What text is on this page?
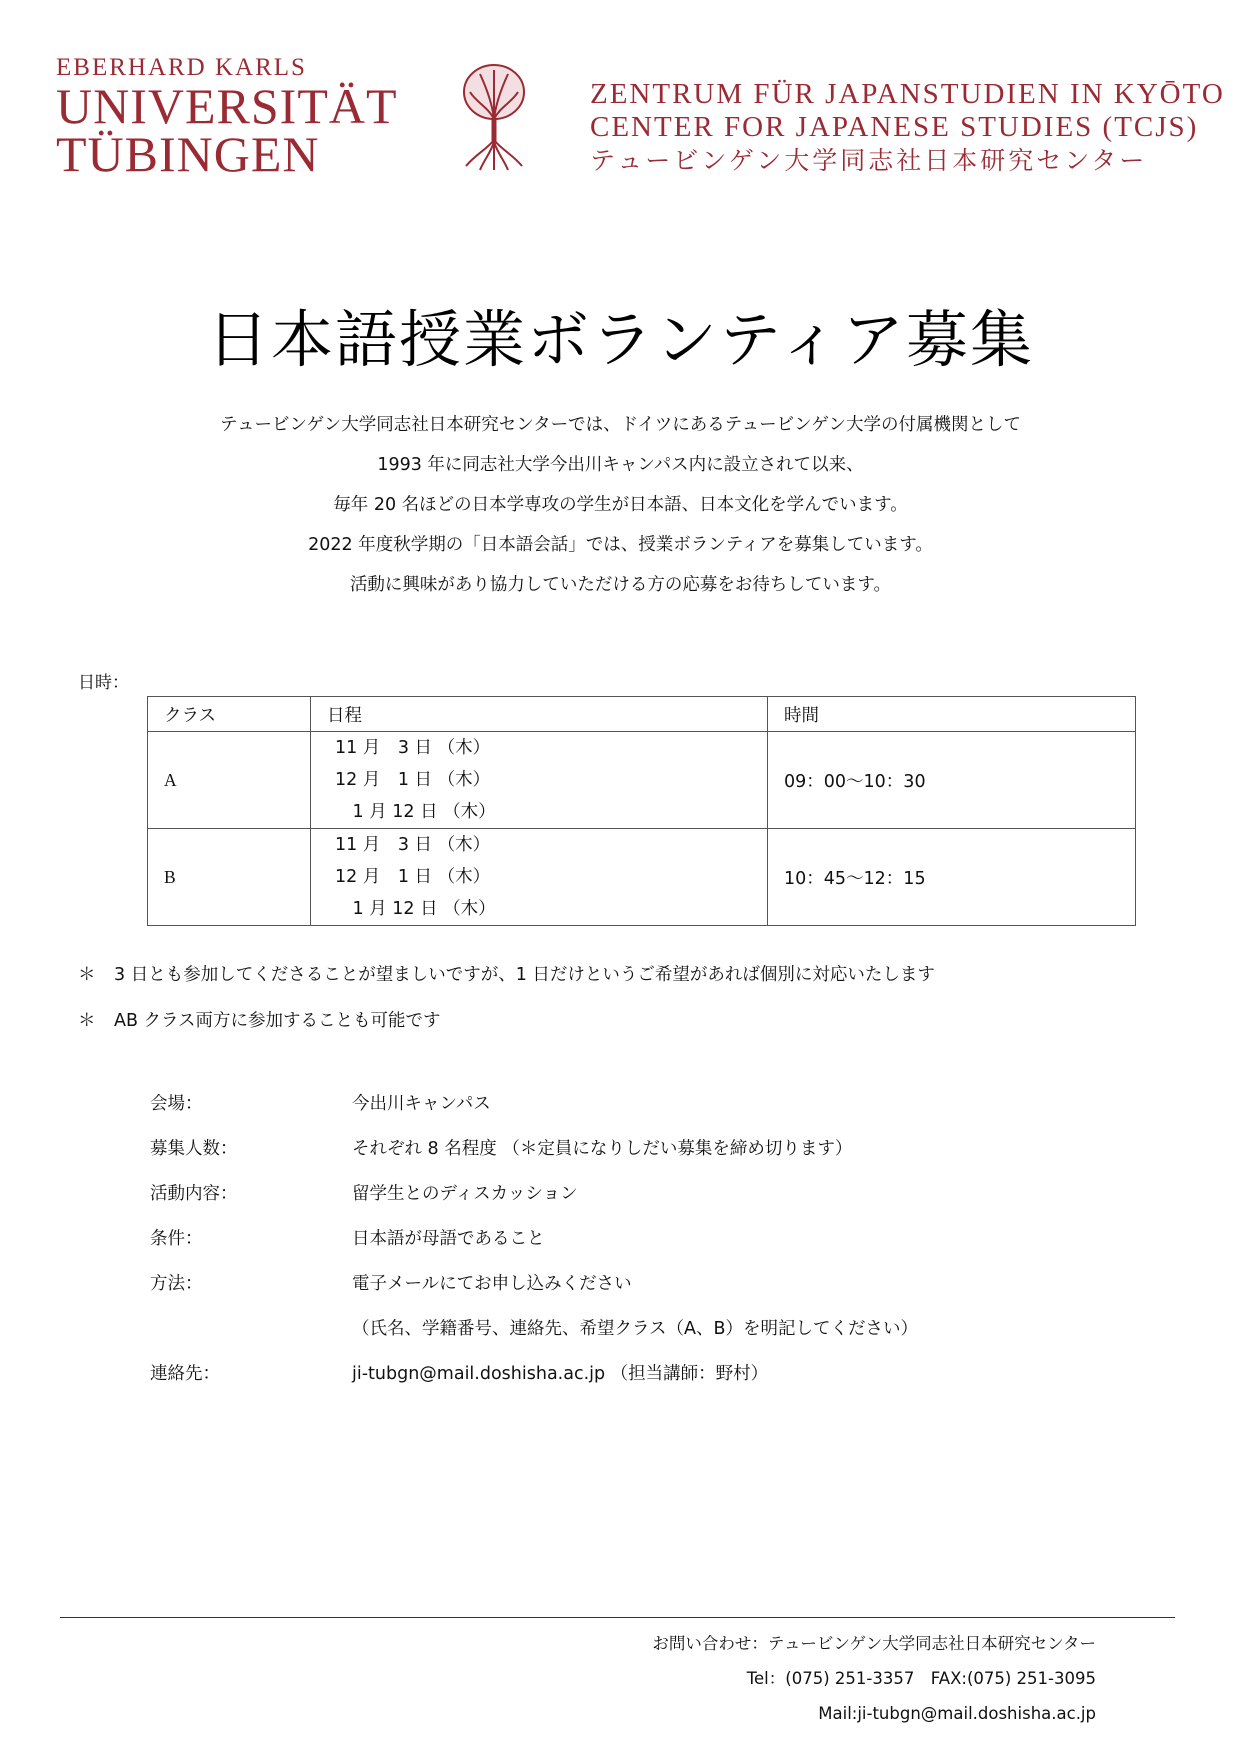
EBERHARD KARLS
UNIVERSITÄT
TÜBINGEN
ZENTRUM FÜR JAPANSTUDIEN IN KYŌTO
CENTER FOR JAPANESE STUDIES (TCJS)
テュービンゲン大学同志社日本研究センター
日本語授業ボランティア募集

テュービンゲン大学同志社日本研究センターでは、ドイツにあるテュービンゲン大学の付属機関として

1993 年に同志社大学今出川キャンパス内に設立されて以来、

毎年 20 名ほどの日本学専攻の学生が日本語、日本文化を学んでいます。

2022 年度秋学期の「日本語会話」では、授業ボランティアを募集しています。

活動に興味があり協力していただける方の応募をお待ちしています。

日時：
クラス	日程	時間
A	11 月　3 日 （木）
12 月　1 日 （木）
　1 月 12 日 （木）	09：00～10：30
B	11 月　3 日 （木）
12 月　1 日 （木）
　1 月 12 日 （木）	10：45～12：15
＊ 3 日とも参加してくださることが望ましいですが、1 日だけというご希望があれば個別に対応いたします
＊ AB クラス両方に参加することも可能です
会場：	今出川キャンパス
募集人数：	それぞれ 8 名程度 （＊定員になりしだい募集を締め切ります）
活動内容：	留学生とのディスカッション
条件：	日本語が母語であること
方法：	電子メールにてお申し込みください
（氏名、学籍番号、連絡先、希望クラス（A、B）を明記してください）
連絡先：	ji-tubgn@mail.doshisha.ac.jp （担当講師：野村）
お問い合わせ：テュービンゲン大学同志社日本研究センター
Tel：(075) 251-3357　FAX:(075) 251-3095
Mail:ji-tubgn@mail.doshisha.ac.jp
